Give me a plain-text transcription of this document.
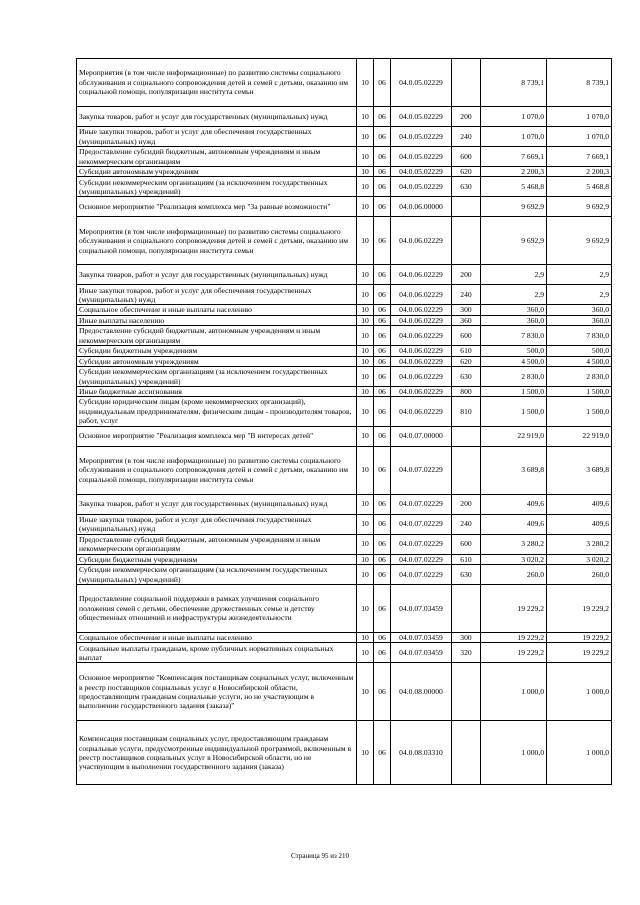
Мероприятия (в том числе информационные) по развитию системы социального обслуживания и социального сопровождения детей и семей с детьми, оказанию им социальной помощи, популяризации института семьи	10	06	04.0.05.02229		8 739,1	8 739,1
Закупка товаров, работ и услуг для государственных (муниципальных) нужд	10	06	04.0.05.02229	200	1 070,0	1 070,0
Иные закупки товаров, работ и услуг для обеспечения государственных (муниципальных) нужд	10	06	04.0.05.02229	240	1 070,0	1 070,0
Предоставление субсидий бюджетным, автономным учреждениям и иным некоммерческим организациям	10	06	04.0.05.02229	600	7 669,1	7 669,1
Субсидии автономным учреждениям	10	06	04.0.05.02229	620	2 200,3	2 200,3
Субсидии некоммерческим организациям (за исключением государственных (муниципальных) учреждений)	10	06	04.0.05.02229	630	5 468,8	5 468,8
Основное мероприятие "Реализация комплекса мер "За равные возможности"	10	06	04.0.06.00000		9 692,9	9 692,9
Мероприятия (в том числе информационные) по развитию системы социального обслуживания и социального сопровождения детей и семей с детьми, оказанию им социальной помощи, популяризации института семьи	10	06	04.0.06.02229		9 692,9	9 692,9
Закупка товаров, работ и услуг для государственных (муниципальных) нужд	10	06	04.0.06.02229	200	2,9	2,9
Иные закупки товаров, работ и услуг для обеспечения государственных (муниципальных) нужд	10	06	04.0.06.02229	240	2,9	2,9
Социальное обеспечение и иные выплаты населению	10	06	04.0.06.02229	300	360,0	360,0
Иные выплаты населению	10	06	04.0.06.02229	360	360,0	360,0
Предоставление субсидий бюджетным, автономным учреждениям и иным некоммерческим организациям	10	06	04.0.06.02229	600	7 830,0	7 830,0
Субсидии бюджетным учреждениям	10	06	04.0.06.02229	610	500,0	500,0
Субсидии автономным учреждениям	10	06	04.0.06.02229	620	4 500,0	4 500,0
Субсидии некоммерческим организациям (за исключением государственных (муниципальных) учреждений)	10	06	04.0.06.02229	630	2 830,0	2 830,0
Иные бюджетные ассигнования	10	06	04.0.06.02229	800	1 500,0	1 500,0
Субсидии юридическим лицам (кроме некоммерческих организаций), индивидуальным предпринимателям, физическим лицам - производителям товаров, работ, услуг	10	06	04.0.06.02229	810	1 500,0	1 500,0
Основное мероприятие "Реализация комплекса мер "В интересах детей"	10	06	04.0.07.00000		22 919,0	22 919,0
Мероприятия (в том числе информационные) по развитию системы социального обслуживания и социального сопровождения детей и семей с детьми, оказанию им социальной помощи, популяризации института семьи	10	06	04.0.07.02229		3 689,8	3 689,8
Закупка товаров, работ и услуг для государственных (муниципальных) нужд	10	06	04.0.07.02229	200	409,6	409,6
Иные закупки товаров, работ и услуг для обеспечения государственных (муниципальных) нужд	10	06	04.0.07.02229	240	409,6	409,6
Предоставление субсидий бюджетным, автономным учреждениям и иным некоммерческим организациям	10	06	04.0.07.02229	600	3 280,2	3 280,2
Субсидии бюджетным учреждениям	10	06	04.0.07.02229	610	3 020,2	3 020,2
Субсидии некоммерческим организациям (за исключением государственных (муниципальных) учреждений)	10	06	04.0.07.02229	630	260,0	260,0
Предоставление социальной поддержки в рамках улучшения социального положения семей с детьми, обеспечение дружественных семье и детству общественных отношений и инфраструктуры жизнедеятельности	10	06	04.0.07.03459		19 229,2	19 229,2
Социальное обеспечение и иные выплаты населению	10	06	04.0.07.03459	300	19 229,2	19 229,2
Социальные выплаты гражданам, кроме публичных нормативных социальных выплат	10	06	04.0.07.03459	320	19 229,2	19 229,2
Основное мероприятие "Компенсация поставщикам социальных услуг, включенным в реестр поставщиков социальных услуг в Новосибирской области, предоставляющим гражданам социальные услуги, но не участвующим в выполнении государственного задания (заказа)"	10	06	04.0.08.00000		1 000,0	1 000,0
Компенсация поставщикам социальных услуг, предоставляющим гражданам социальные услуги, предусмотренные индивидуальной программой, включенным в реестр поставщиков социальных услуг в Новосибирской области, но не участвующим в выполнении государственного задания (заказа)	10	06	04.0.08.03310		1 000,0	1 000,0
Страница 95 из 210
